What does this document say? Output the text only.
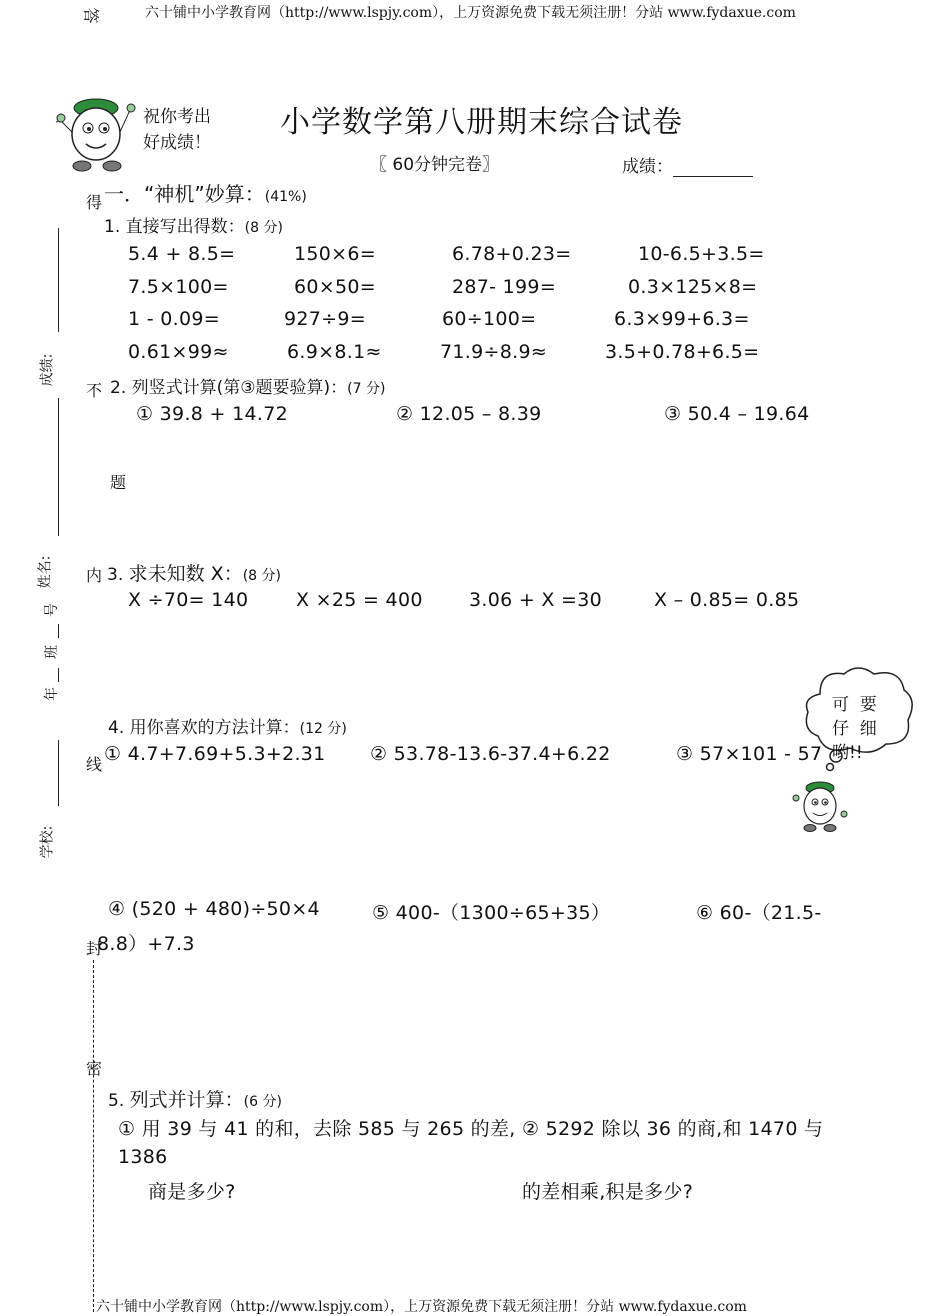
六十铺中小学教育网（http://www.lspjy.com），上万资源免费下载无须注册！分站 www.fydaxue.com
答
得
不
题
内
线
封
密
成绩:
姓名:
号
班
年
学校:
祝你考出
好成绩！
小学数学第八册期末综合试卷
〖 60分钟完卷〗	成绩：
一．“神机”妙算：(41%)
1. 直接写出得数：(8 分)
5.4 + 8.5=	150×6=	6.78+0.23=	10-6.5+3.5=
7.5×100=	60×50=	287- 199=	0.3×125×8=
1 - 0.09=	927÷9=	60÷100=	6.3×99+6.3=
0.61×99≈	6.9×8.1≈	71.9÷8.9≈	3.5+0.78+6.5=
2. 列竖式计算(第③题要验算)：(7 分)
① 39.8 + 14.72	② 12.05 – 8.39	③ 50.4 – 19.64
3. 求未知数 X：(8 分)
X ÷70= 140	X ×25 = 400 3.06 + X =30	X – 0.85= 0.85
4. 用你喜欢的方法计算：(12 分)
① 4.7+7.69+5.3+2.31 ② 53.78-13.6-37.4+6.22	③ 57×101 - 57
④ (520 + 480)÷50×4	⑤ 400-（1300÷65+35）	⑥ 60-（21.5-
8.8）+7.3
5. 列式并计算：(6 分)
① 用 39 与 41 的和，去除 585 与 265 的差, ② 5292 除以 36 的商,和 1470 与
1386
商是多少?	的差相乘,积是多少?
可  要
仔  细
哟!!
六十铺中小学教育网（http://www.lspjy.com），上万资源免费下载无须注册！分站 www.fydaxue.com
